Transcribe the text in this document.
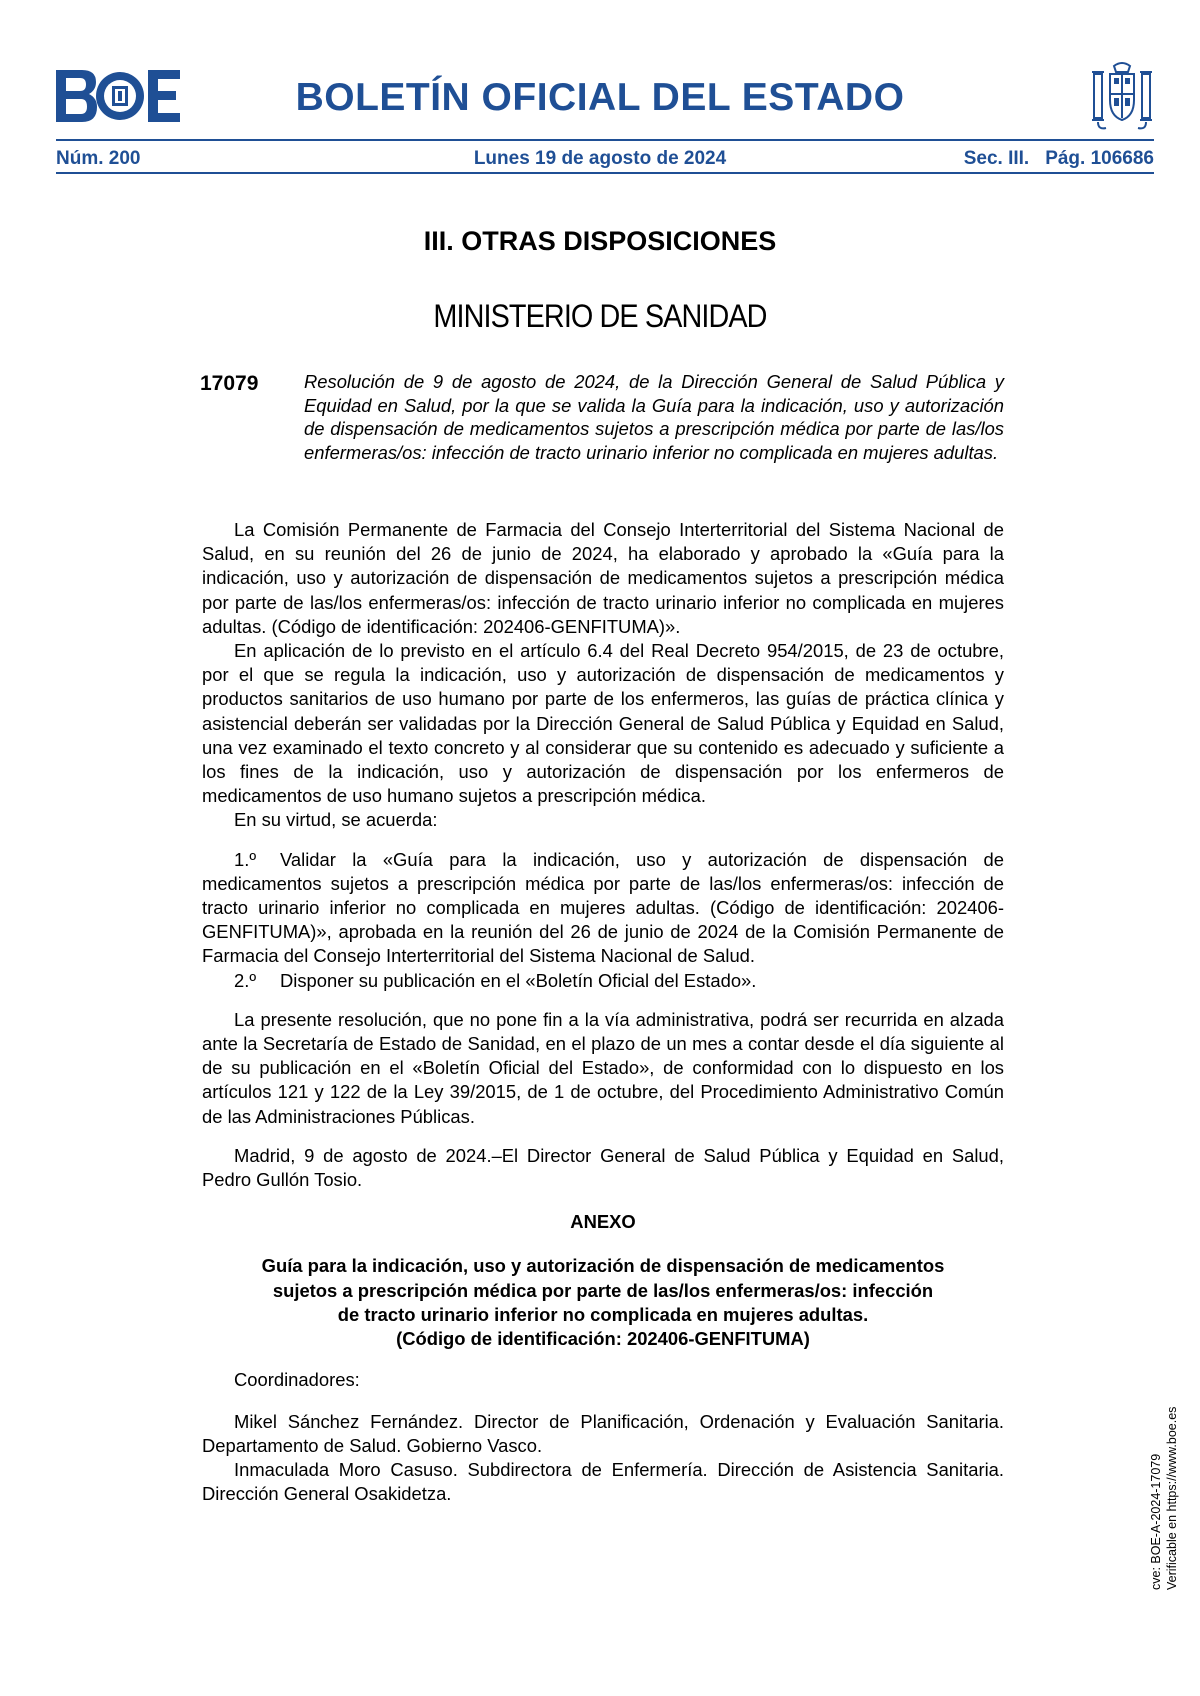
BOLETÍN OFICIAL DEL ESTADO
Núm. 200	Lunes 19 de agosto de 2024	Sec. III. Pág. 106686
III. OTRAS DISPOSICIONES
MINISTERIO DE SANIDAD
17079 Resolución de 9 de agosto de 2024, de la Dirección General de Salud Pública y Equidad en Salud, por la que se valida la Guía para la indicación, uso y autorización de dispensación de medicamentos sujetos a prescripción médica por parte de las/los enfermeras/os: infección de tracto urinario inferior no complicada en mujeres adultas.

La Comisión Permanente de Farmacia del Consejo Interterritorial del Sistema Nacional de Salud, en su reunión del 26 de junio de 2024, ha elaborado y aprobado la «Guía para la indicación, uso y autorización de dispensación de medicamentos sujetos a prescripción médica por parte de las/los enfermeras/os: infección de tracto urinario inferior no complicada en mujeres adultas. (Código de identificación: 202406-GENFITUMA)».

En aplicación de lo previsto en el artículo 6.4 del Real Decreto 954/2015, de 23 de octubre, por el que se regula la indicación, uso y autorización de dispensación de medicamentos y productos sanitarios de uso humano por parte de los enfermeros, las guías de práctica clínica y asistencial deberán ser validadas por la Dirección General de Salud Pública y Equidad en Salud, una vez examinado el texto concreto y al considerar que su contenido es adecuado y suficiente a los fines de la indicación, uso y autorización de dispensación por los enfermeros de medicamentos de uso humano sujetos a prescripción médica.

En su virtud, se acuerda:

1.º Validar la «Guía para la indicación, uso y autorización de dispensación de medicamentos sujetos a prescripción médica por parte de las/los enfermeras/os: infección de tracto urinario inferior no complicada en mujeres adultas. (Código de identificación: 202406-GENFITUMA)», aprobada en la reunión del 26 de junio de 2024 de la Comisión Permanente de Farmacia del Consejo Interterritorial del Sistema Nacional de Salud.

2.º Disponer su publicación en el «Boletín Oficial del Estado».

La presente resolución, que no pone fin a la vía administrativa, podrá ser recurrida en alzada ante la Secretaría de Estado de Sanidad, en el plazo de un mes a contar desde el día siguiente al de su publicación en el «Boletín Oficial del Estado», de conformidad con lo dispuesto en los artículos 121 y 122 de la Ley 39/2015, de 1 de octubre, del Procedimiento Administrativo Común de las Administraciones Públicas.

Madrid, 9 de agosto de 2024.–El Director General de Salud Pública y Equidad en Salud, Pedro Gullón Tosio.

ANEXO

Guía para la indicación, uso y autorización de dispensación de medicamentos
sujetos a prescripción médica por parte de las/los enfermeras/os: infección
de tracto urinario inferior no complicada en mujeres adultas.
(Código de identificación: 202406-GENFITUMA)

Coordinadores:

Mikel Sánchez Fernández. Director de Planificación, Ordenación y Evaluación Sanitaria. Departamento de Salud. Gobierno Vasco.

Inmaculada Moro Casuso. Subdirectora de Enfermería. Dirección de Asistencia Sanitaria. Dirección General Osakidetza.	cve: BOE-A-2024-17079 Verificable en https://www.boe.es
